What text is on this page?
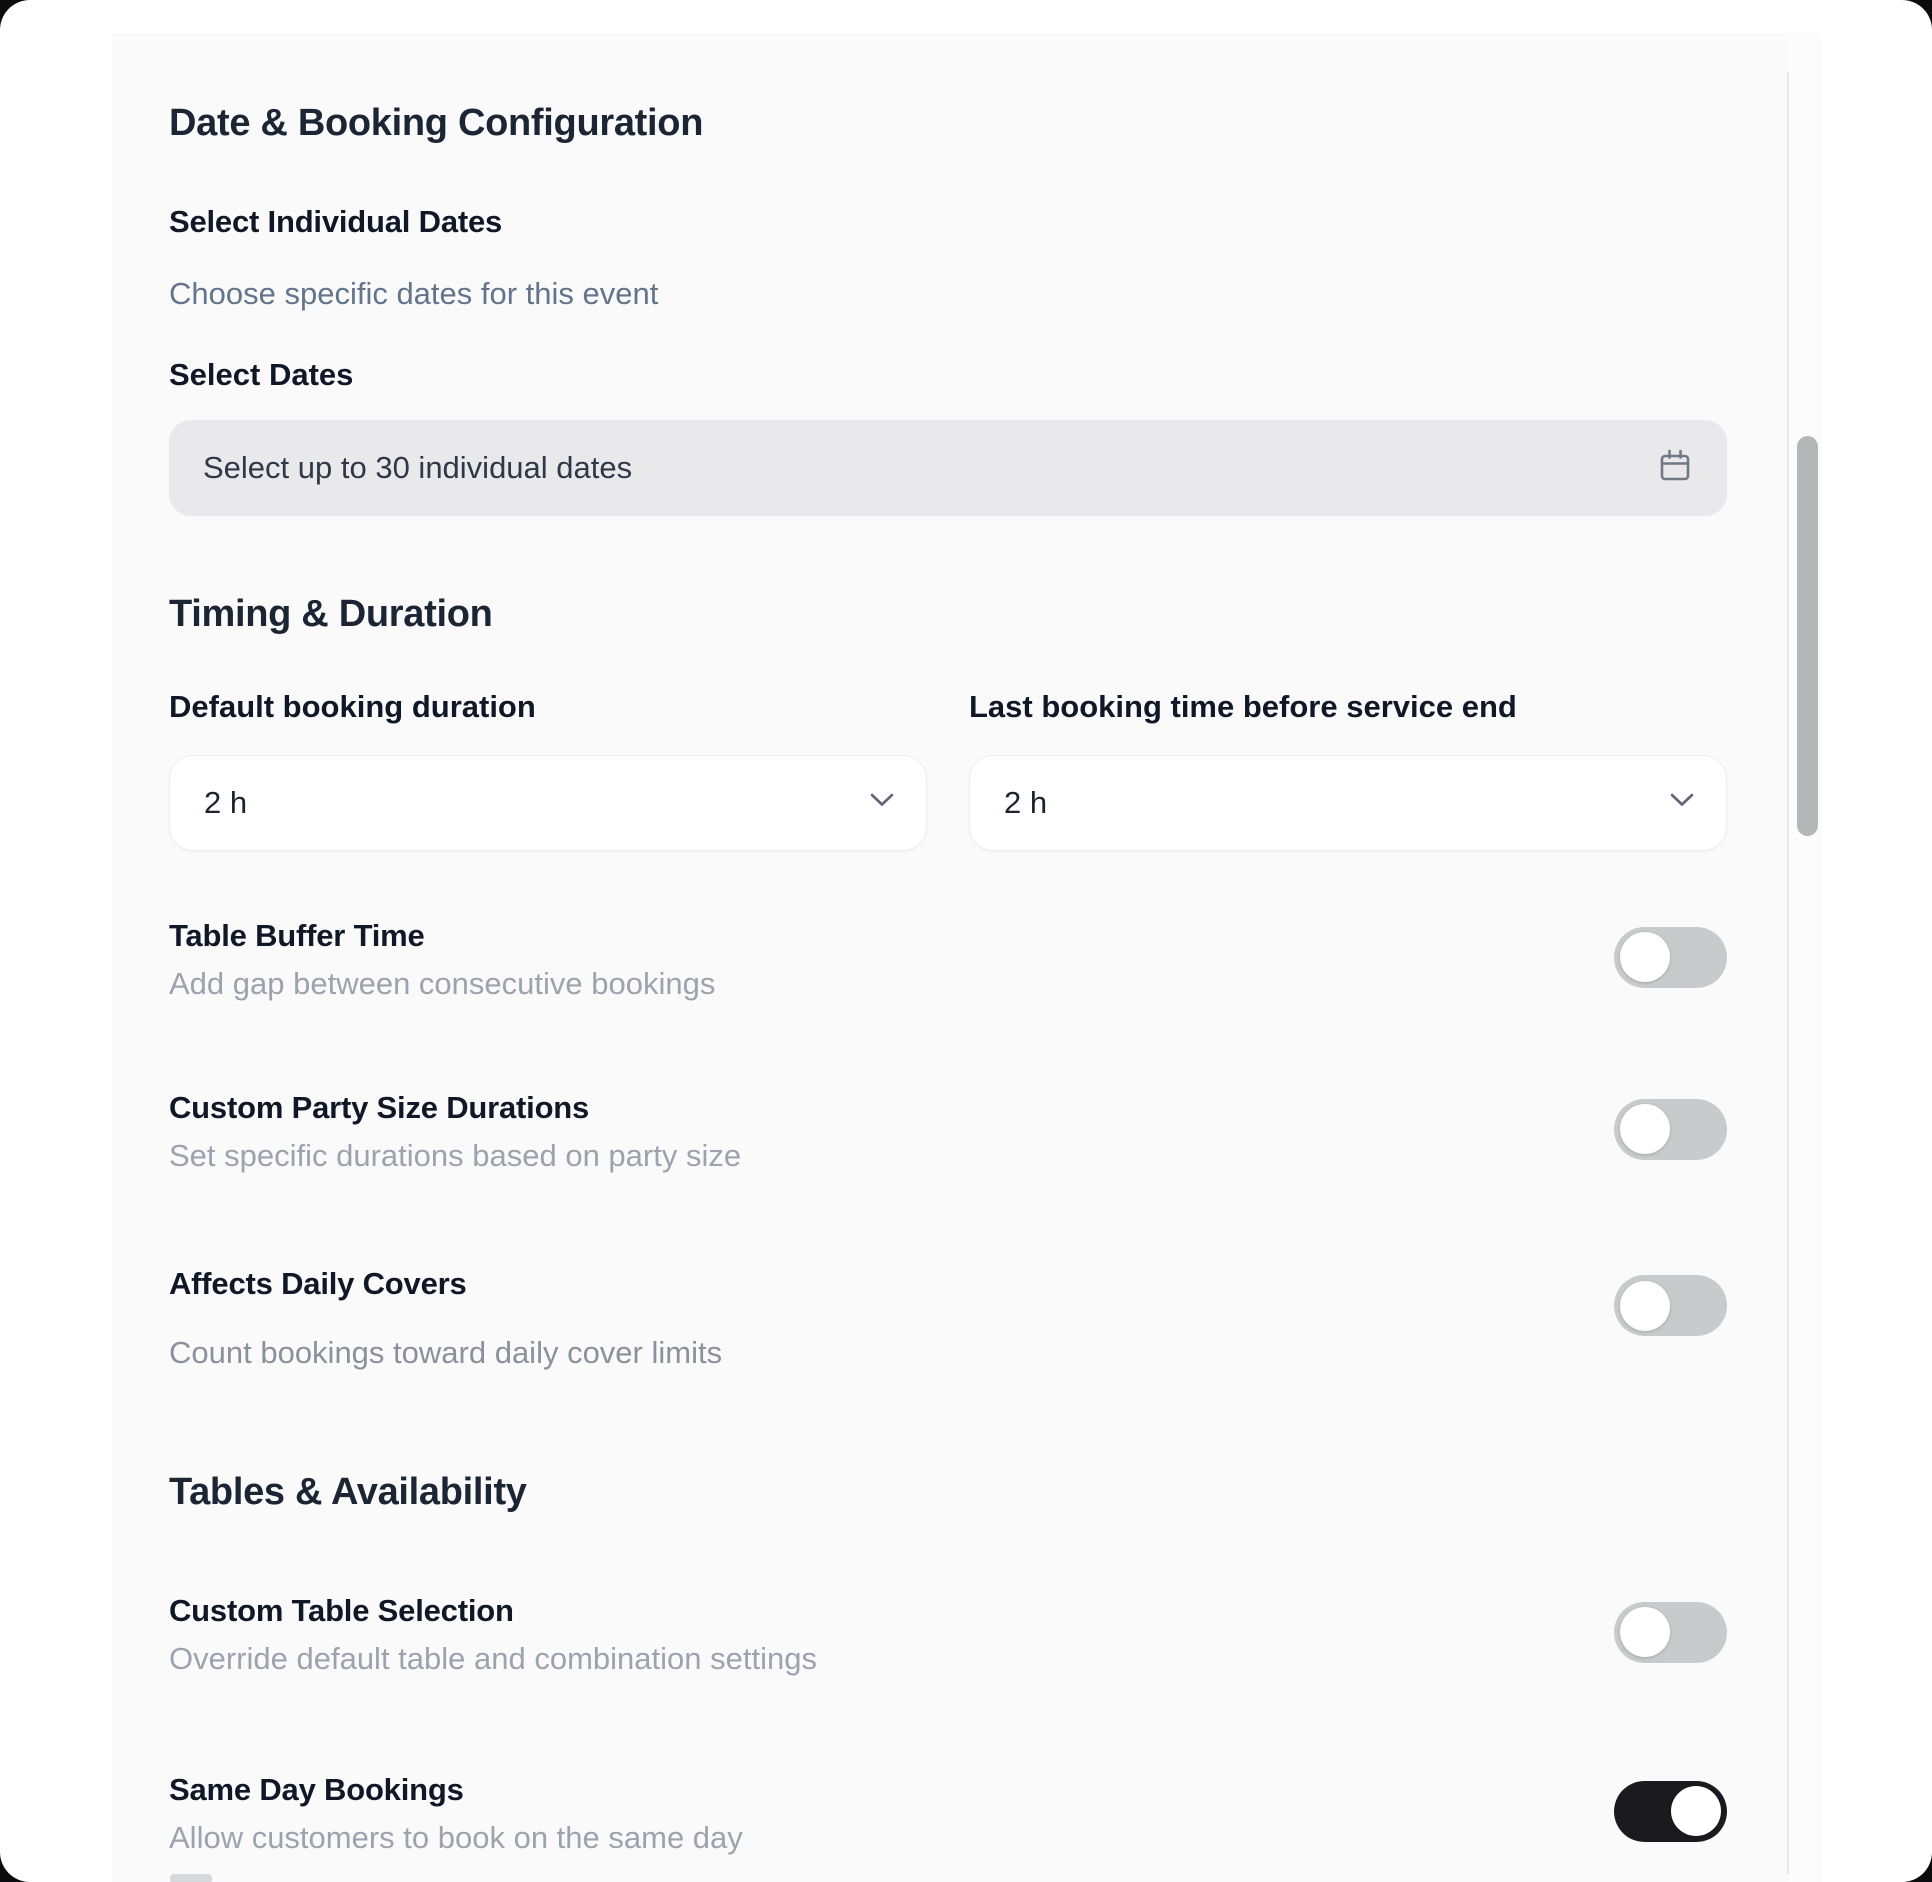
Date & Booking Configuration
Select Individual Dates
Choose specific dates for this event
Select Dates
Select up to 30 individual dates
Timing & Duration
Default booking duration	Last booking time before service end
2 h	2 h
Table Buffer Time
Add gap between consecutive bookings
Custom Party Size Durations
Set specific durations based on party size
Affects Daily Covers
Count bookings toward daily cover limits
Tables & Availability
Custom Table Selection
Override default table and combination settings
Same Day Bookings
Allow customers to book on the same day
